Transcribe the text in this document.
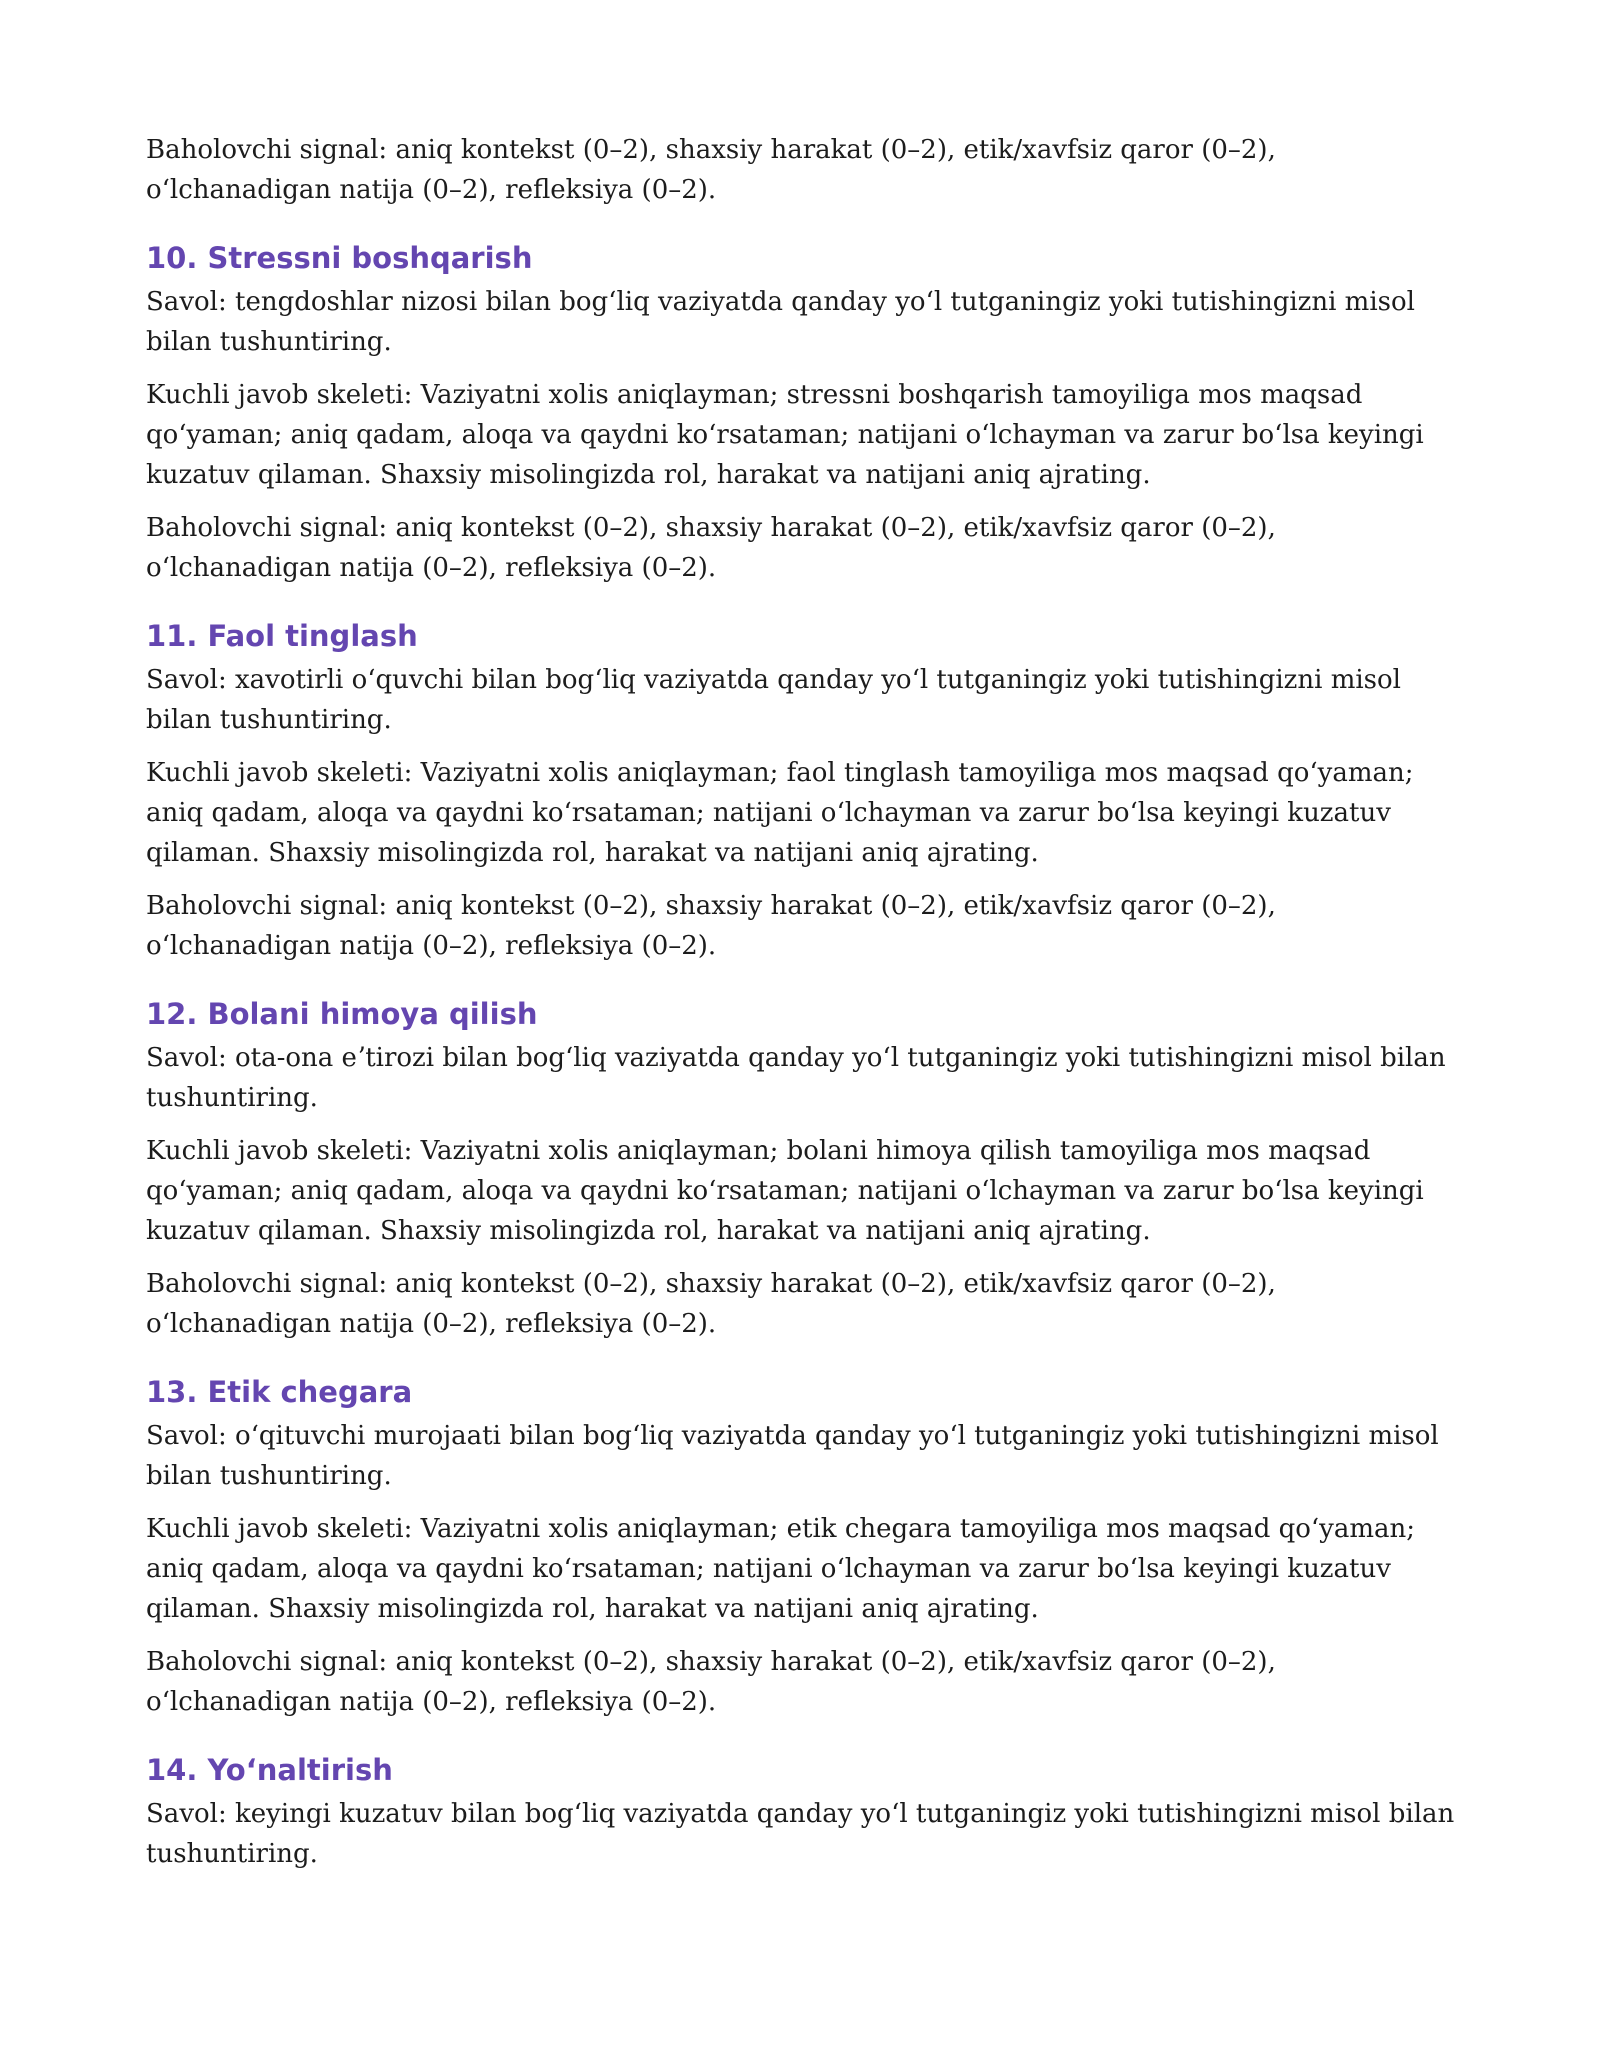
Baholovchi signal: aniq kontekst (0–2), shaxsiy harakat (0–2), etik/xavfsiz qaror (0–2), oʻlchanadigan natija (0–2), refleksiya (0–2).

10. Stressni boshqarish

Savol: tengdoshlar nizosi bilan bogʻliq vaziyatda qanday yoʻl tutganingiz yoki tutishingizni misol bilan tushuntiring.

Kuchli javob skeleti: Vaziyatni xolis aniqlayman; stressni boshqarish tamoyiliga mos maqsad qoʻyaman; aniq qadam, aloqa va qaydni koʻrsataman; natijani oʻlchayman va zarur boʻlsa keyingi kuzatuv qilaman. Shaxsiy misolingizda rol, harakat va natijani aniq ajrating.

Baholovchi signal: aniq kontekst (0–2), shaxsiy harakat (0–2), etik/xavfsiz qaror (0–2), oʻlchanadigan natija (0–2), refleksiya (0–2).

11. Faol tinglash

Savol: xavotirli oʻquvchi bilan bogʻliq vaziyatda qanday yoʻl tutganingiz yoki tutishingizni misol bilan tushuntiring.

Kuchli javob skeleti: Vaziyatni xolis aniqlayman; faol tinglash tamoyiliga mos maqsad qoʻyaman; aniq qadam, aloqa va qaydni koʻrsataman; natijani oʻlchayman va zarur boʻlsa keyingi kuzatuv qilaman. Shaxsiy misolingizda rol, harakat va natijani aniq ajrating.

Baholovchi signal: aniq kontekst (0–2), shaxsiy harakat (0–2), etik/xavfsiz qaror (0–2), oʻlchanadigan natija (0–2), refleksiya (0–2).

12. Bolani himoya qilish

Savol: ota-ona eʼtirozi bilan bogʻliq vaziyatda qanday yoʻl tutganingiz yoki tutishingizni misol bilan tushuntiring.

Kuchli javob skeleti: Vaziyatni xolis aniqlayman; bolani himoya qilish tamoyiliga mos maqsad qoʻyaman; aniq qadam, aloqa va qaydni koʻrsataman; natijani oʻlchayman va zarur boʻlsa keyingi kuzatuv qilaman. Shaxsiy misolingizda rol, harakat va natijani aniq ajrating.

Baholovchi signal: aniq kontekst (0–2), shaxsiy harakat (0–2), etik/xavfsiz qaror (0–2), oʻlchanadigan natija (0–2), refleksiya (0–2).

13. Etik chegara

Savol: oʻqituvchi murojaati bilan bogʻliq vaziyatda qanday yoʻl tutganingiz yoki tutishingizni misol bilan tushuntiring.

Kuchli javob skeleti: Vaziyatni xolis aniqlayman; etik chegara tamoyiliga mos maqsad qoʻyaman; aniq qadam, aloqa va qaydni koʻrsataman; natijani oʻlchayman va zarur boʻlsa keyingi kuzatuv qilaman. Shaxsiy misolingizda rol, harakat va natijani aniq ajrating.

Baholovchi signal: aniq kontekst (0–2), shaxsiy harakat (0–2), etik/xavfsiz qaror (0–2), oʻlchanadigan natija (0–2), refleksiya (0–2).

14. Yoʻnaltirish

Savol: keyingi kuzatuv bilan bogʻliq vaziyatda qanday yoʻl tutganingiz yoki tutishingizni misol bilan tushuntiring.
